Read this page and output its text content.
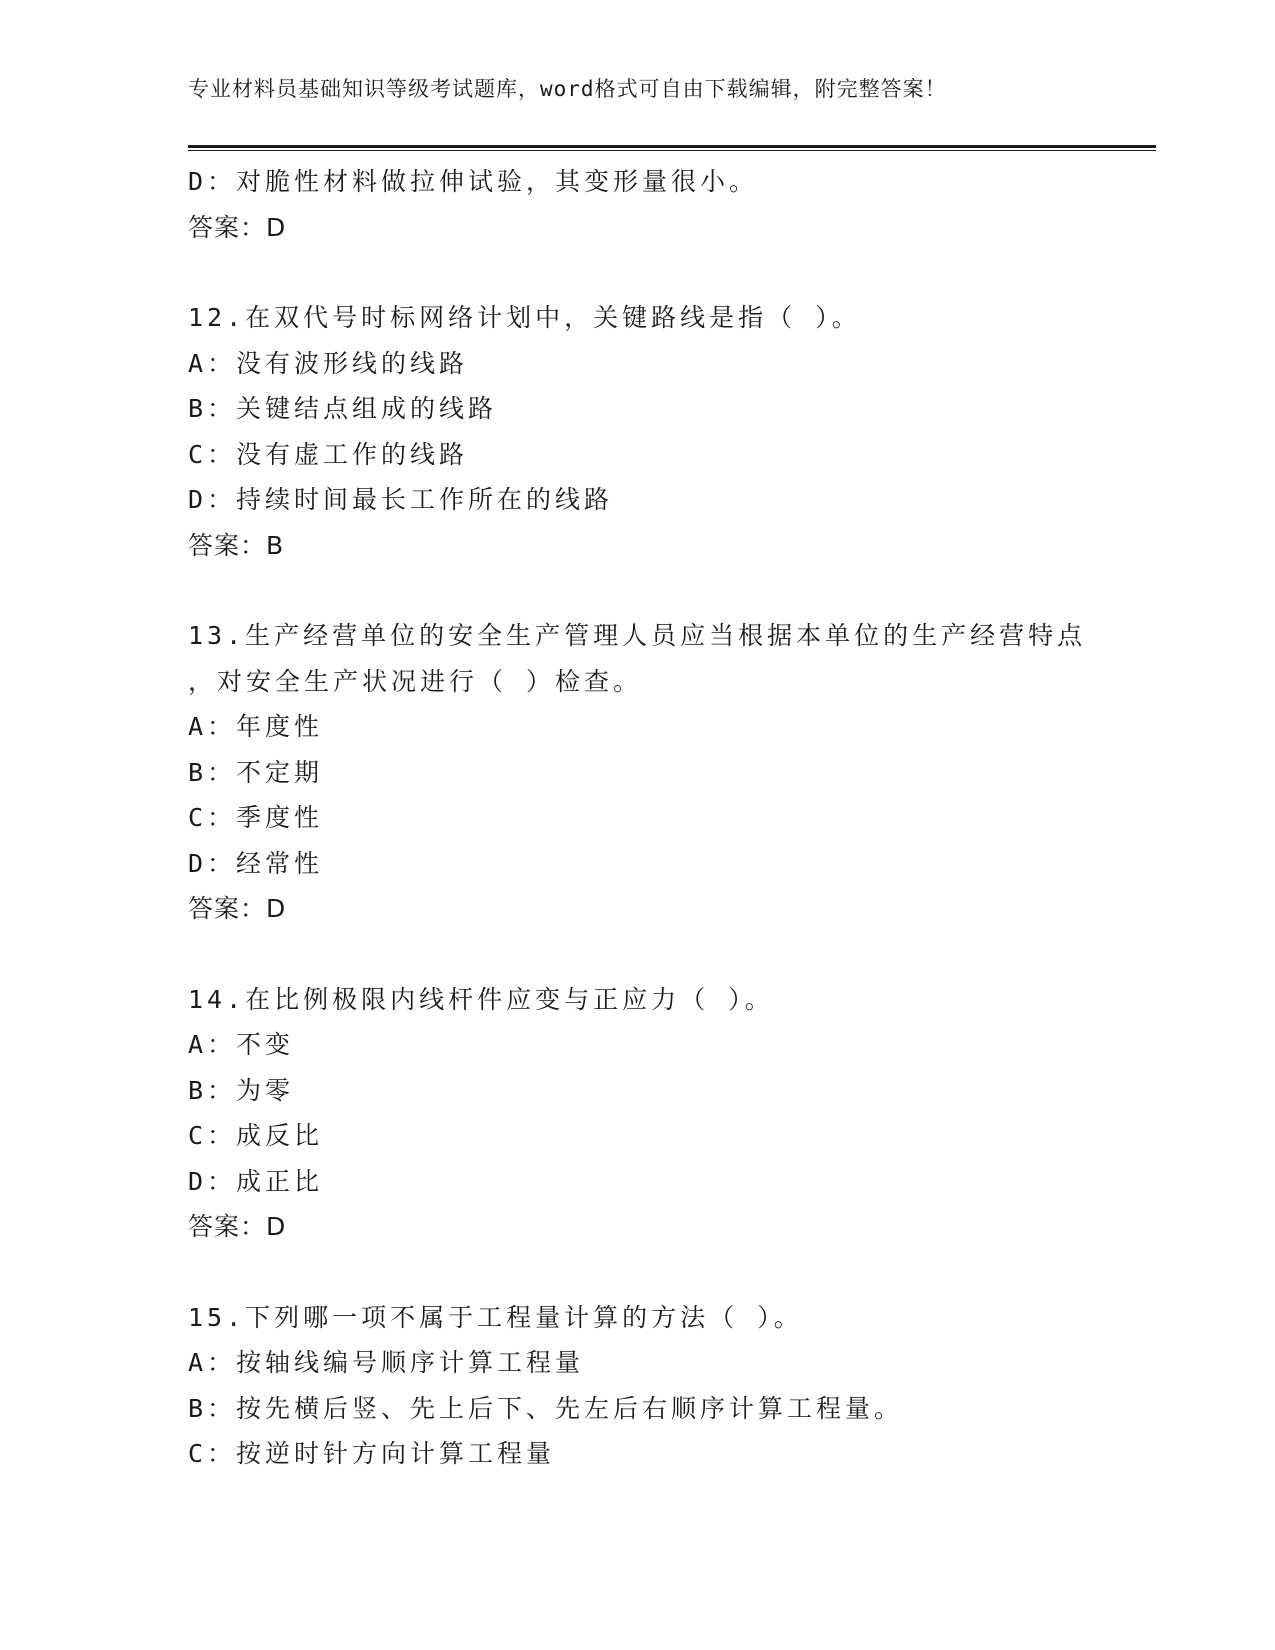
专业材料员基础知识等级考试题库，word格式可自由下载编辑，附完整答案！
D：对脆性材料做拉伸试验，其变形量很小。
答案：D
12.在双代号时标网络计划中，关键路线是指（ ）。
A：没有波形线的线路
B：关键结点组成的线路
C：没有虚工作的线路
D：持续时间最长工作所在的线路
答案：B
13.生产经营单位的安全生产管理人员应当根据本单位的生产经营特点
，对安全生产状况进行（ ）检查。
A：年度性
B：不定期
C：季度性
D：经常性
答案：D
14.在比例极限内线杆件应变与正应力（ ）。
A：不变
B：为零
C：成反比
D：成正比
答案：D
15.下列哪一项不属于工程量计算的方法（ ）。
A：按轴线编号顺序计算工程量
B：按先横后竖、先上后下、先左后右顺序计算工程量。
C：按逆时针方向计算工程量
